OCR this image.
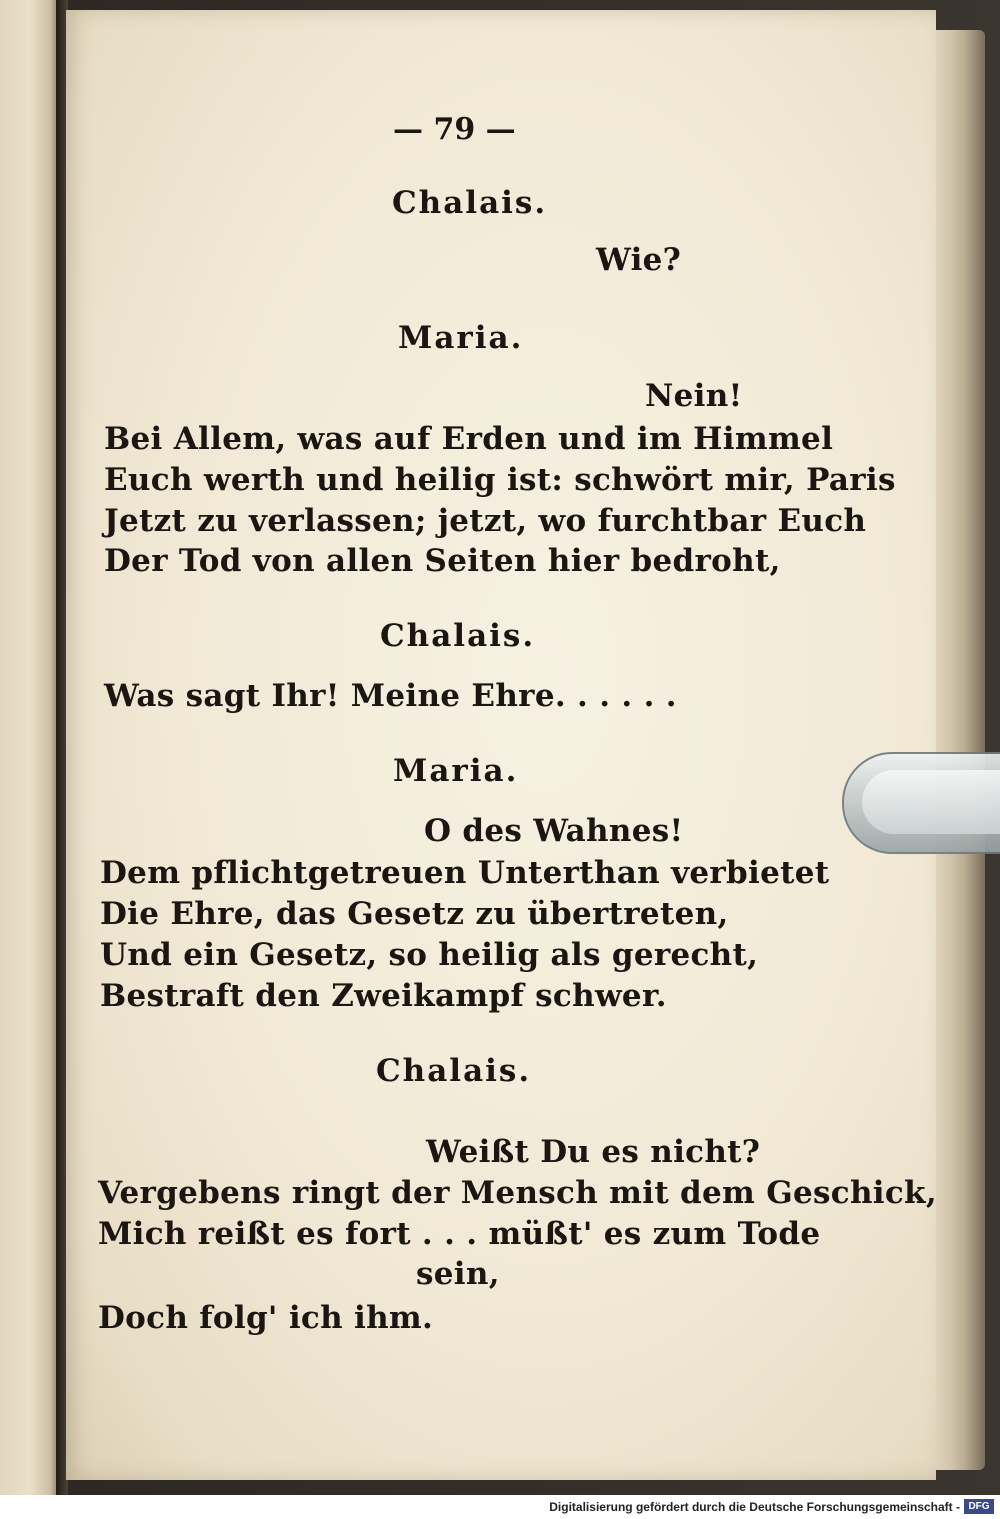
— 79 —
Chalais.
Wie?
Maria.
Nein!
Bei Allem, was auf Erden und im Himmel
Euch werth und heilig ist: schwört mir, Paris
Jetzt zu verlassen; jetzt, wo furchtbar Euch
Der Tod von allen Seiten hier bedroht,
Chalais.
Was sagt Ihr! Meine Ehre. . . . . .
Maria.
O des Wahnes!
Dem pflichtgetreuen Unterthan verbietet
Die Ehre, das Gesetz zu übertreten,
Und ein Gesetz, so heilig als gerecht,
Bestraft den Zweikampf schwer.
Chalais.
Weißt Du es nicht?
Vergebens ringt der Mensch mit dem Geschick,
Mich reißt es fort . . . müßt' es zum Tode
sein,
Doch folg' ich ihm.
Digitalisierung gefördert durch die Deutsche Forschungsgemeinschaft - DFG
